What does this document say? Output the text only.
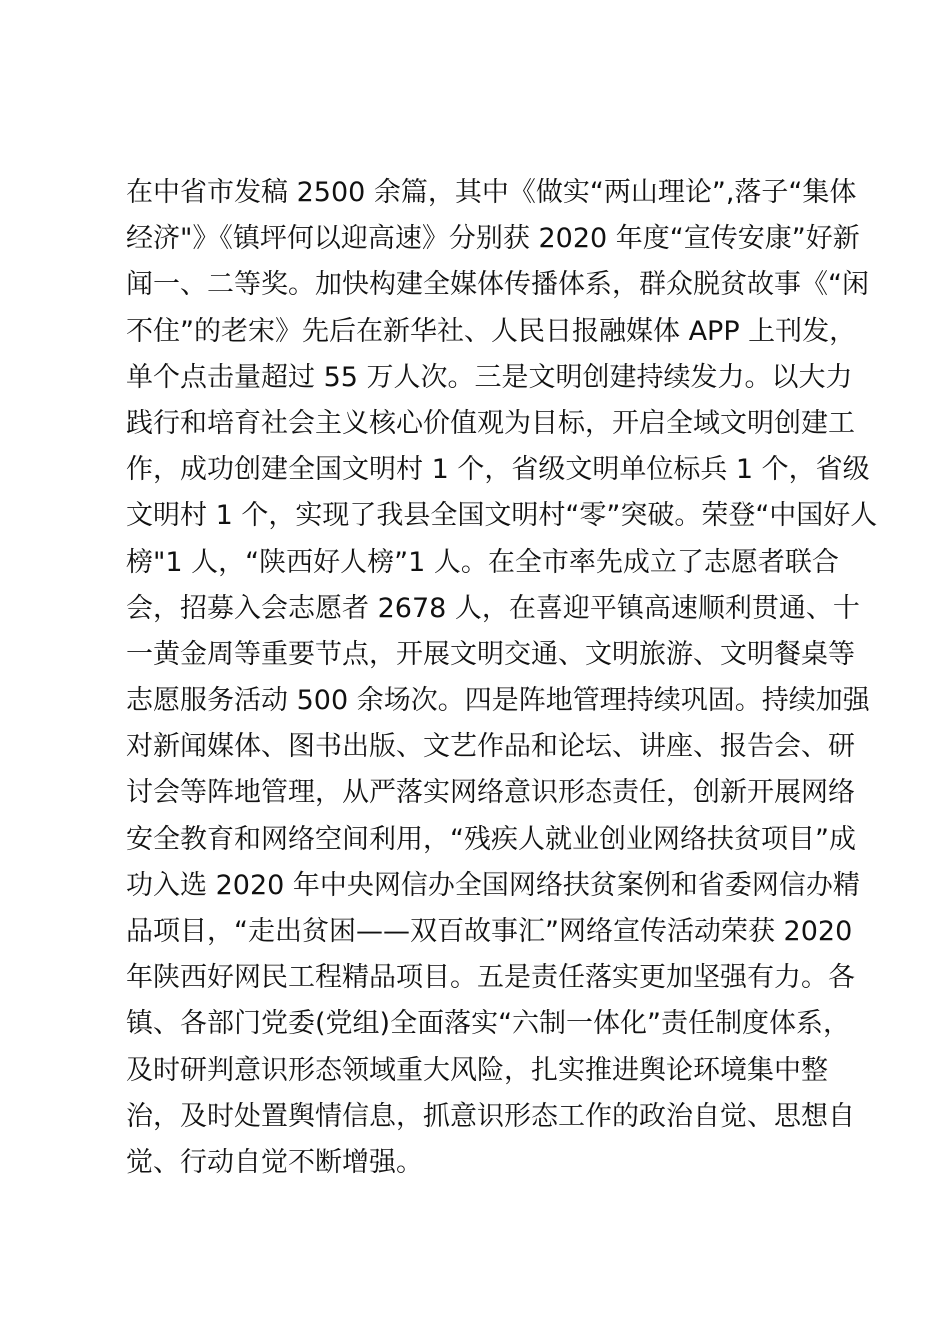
在中省市发稿 2500 余篇，其中《做实“两山理论”,落子“集体
经济"》《镇坪何以迎高速》分别获 2020 年度“宣传安康”好新
闻一、二等奖。加快构建全媒体传播体系，群众脱贫故事《“闲
不住”的老宋》先后在新华社、人民日报融媒体 APP 上刊发，
单个点击量超过 55 万人次。三是文明创建持续发力。以大力
践行和培育社会主义核心价值观为目标，开启全域文明创建工
作，成功创建全国文明村 1 个，省级文明单位标兵 1 个，省级
文明村 1 个，实现了我县全国文明村“零”突破。荣登“中国好人
榜"1 人，“陕西好人榜”1 人。在全市率先成立了志愿者联合
会，招募入会志愿者 2678 人，在喜迎平镇高速顺利贯通、十
一黄金周等重要节点，开展文明交通、文明旅游、文明餐桌等
志愿服务活动 500 余场次。四是阵地管理持续巩固。持续加强
对新闻媒体、图书出版、文艺作品和论坛、讲座、报告会、研
讨会等阵地管理，从严落实网络意识形态责任，创新开展网络
安全教育和网络空间利用，“残疾人就业创业网络扶贫项目”成
功入选 2020 年中央网信办全国网络扶贫案例和省委网信办精
品项目，“走出贫困——双百故事汇”网络宣传活动荣获 2020
年陕西好网民工程精品项目。五是责任落实更加坚强有力。各
镇、各部门党委(党组)全面落实“六制一体化”责任制度体系，
及时研判意识形态领域重大风险，扎实推进舆论环境集中整
治，及时处置舆情信息，抓意识形态工作的政治自觉、思想自
觉、行动自觉不断增强。
